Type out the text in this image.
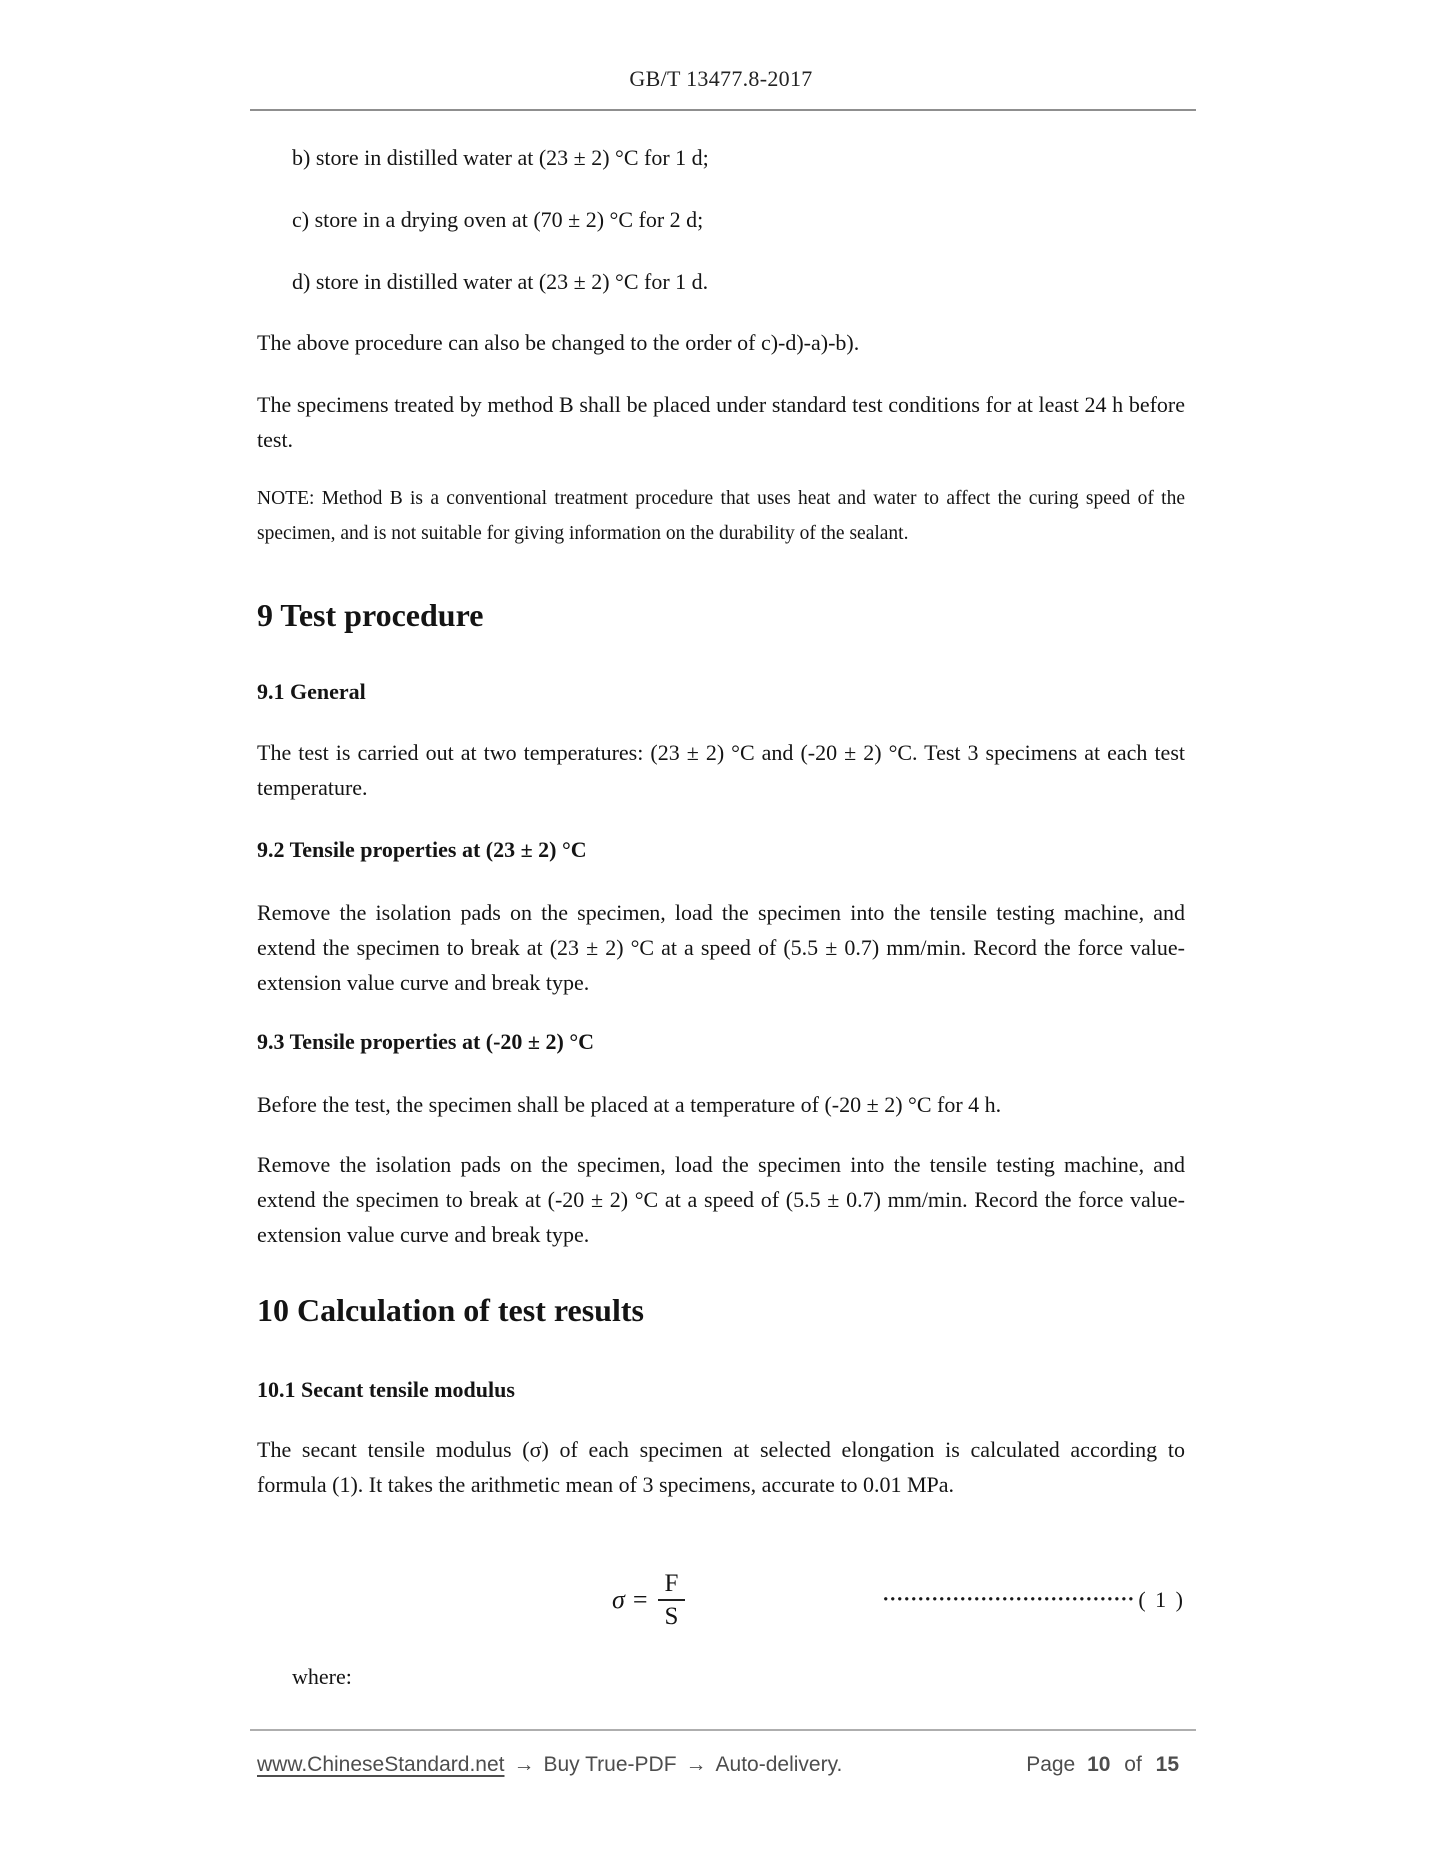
GB/T 13477.8-2017
b) store in distilled water at (23 ± 2) °C for 1 d;
c) store in a drying oven at (70 ± 2) °C for 2 d;
d) store in distilled water at (23 ± 2) °C for 1 d.
The above procedure can also be changed to the order of c)-d)-a)-b).
The specimens treated by method B shall be placed under standard test conditions for at least 24 h before test.
NOTE: Method B is a conventional treatment procedure that uses heat and water to affect the curing speed of the specimen, and is not suitable for giving information on the durability of the sealant.
9 Test procedure
9.1 General
The test is carried out at two temperatures: (23 ± 2) °C and (-20 ± 2) °C. Test 3 specimens at each test temperature.
9.2 Tensile properties at (23 ± 2) °C
Remove the isolation pads on the specimen, load the specimen into the tensile testing machine, and extend the specimen to break at (23 ± 2) °C at a speed of (5.5 ± 0.7) mm/min. Record the force value-extension value curve and break type.
9.3 Tensile properties at (-20 ± 2) °C
Before the test, the specimen shall be placed at a temperature of (-20 ± 2) °C for 4 h.
Remove the isolation pads on the specimen, load the specimen into the tensile testing machine, and extend the specimen to break at (-20 ± 2) °C at a speed of (5.5 ± 0.7) mm/min. Record the force value-extension value curve and break type.
10 Calculation of test results
10.1 Secant tensile modulus
The secant tensile modulus (σ) of each specimen at selected elongation is calculated according to formula (1). It takes the arithmetic mean of 3 specimens, accurate to 0.01 MPa.
$\sigma = \frac{F}{S}$	···································· ( 1 )
where:
www.ChineseStandard.net → Buy True-PDF → Auto-delivery.	Page 10 of 15
